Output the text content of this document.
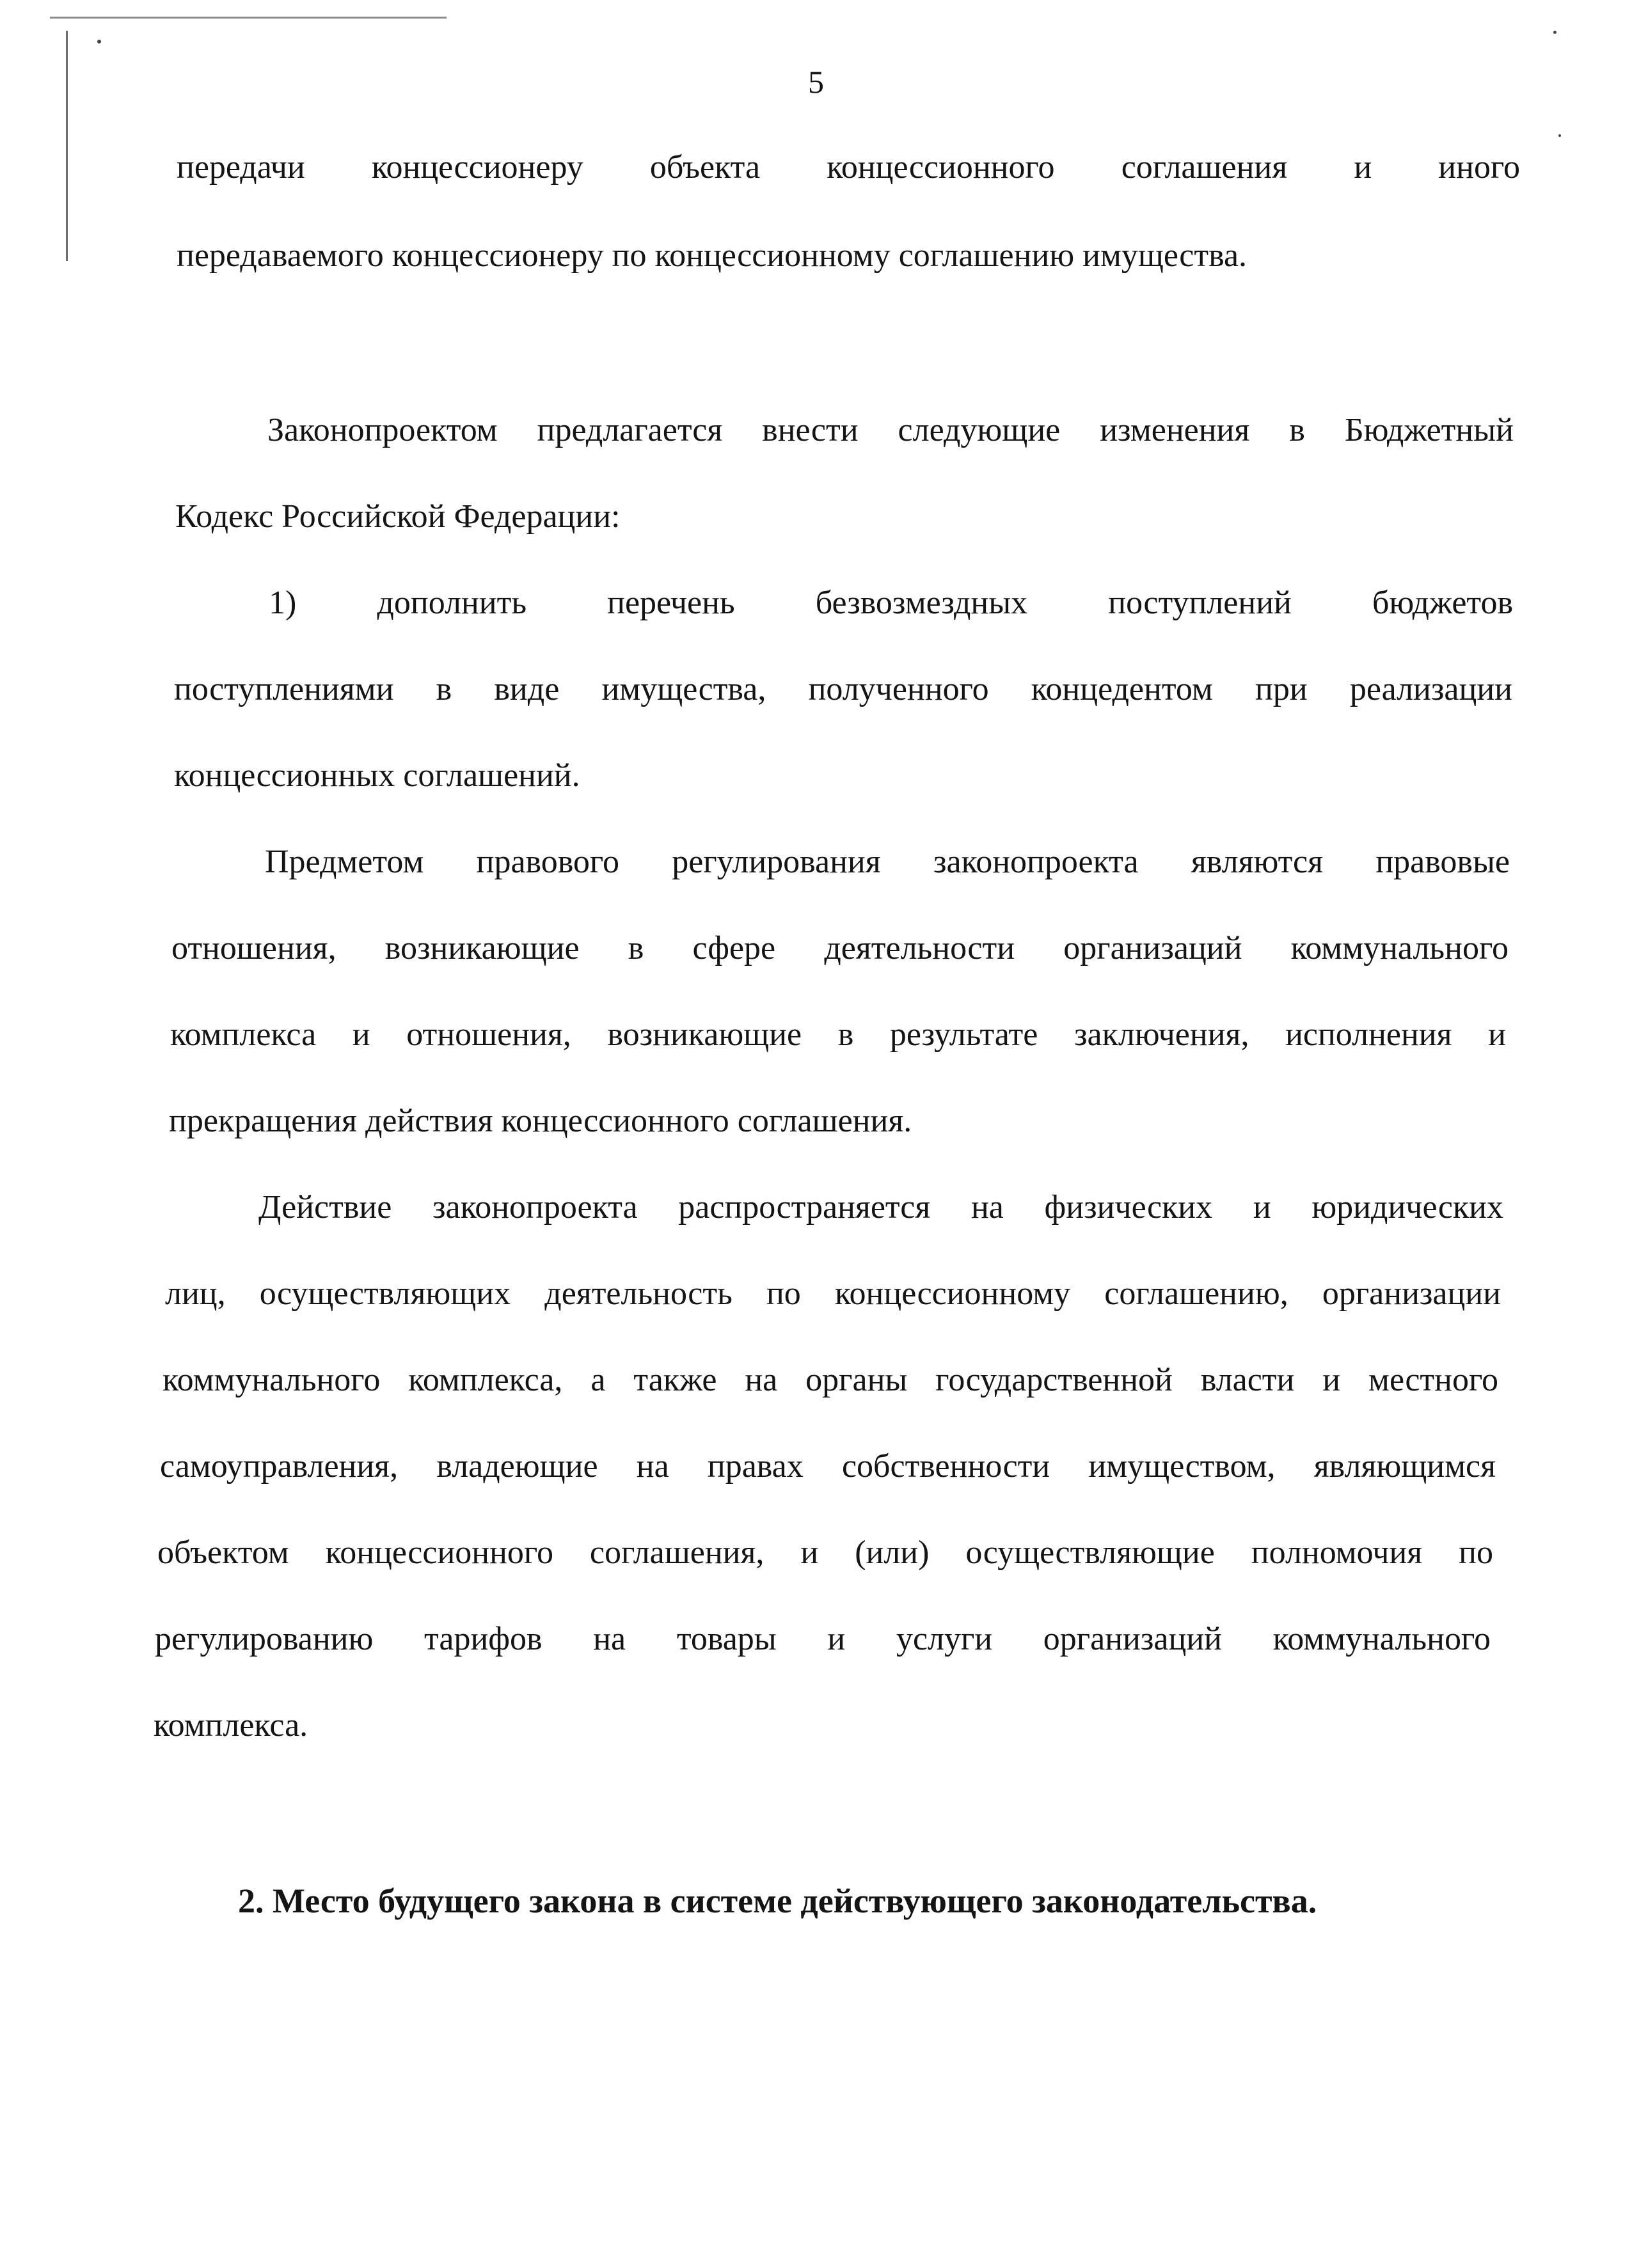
5
передачи концессионеру объекта концессионного соглашения и иного
передаваемого концессионеру по концессионному соглашению имущества.
Законопроектом предлагается внести следующие изменения в Бюджетный
Кодекс Российской Федерации:
1) дополнить перечень безвозмездных поступлений бюджетов
поступлениями в виде имущества, полученного концедентом при реализации
концессионных соглашений.
Предметом правового регулирования законопроекта являются правовые
отношения, возникающие в сфере деятельности организаций коммунального
комплекса и отношения, возникающие в результате заключения, исполнения и
прекращения действия концессионного соглашения.
Действие законопроекта распространяется на физических и юридических
лиц, осуществляющих деятельность по концессионному соглашению, организации
коммунального комплекса, а также на органы государственной власти и местного
самоуправления, владеющие на правах собственности имуществом, являющимся
объектом концессионного соглашения, и (или) осуществляющие полномочия по
регулированию тарифов на товары и услуги организаций коммунального
комплекса.
2. Место будущего закона в системе действующего законодательства.
